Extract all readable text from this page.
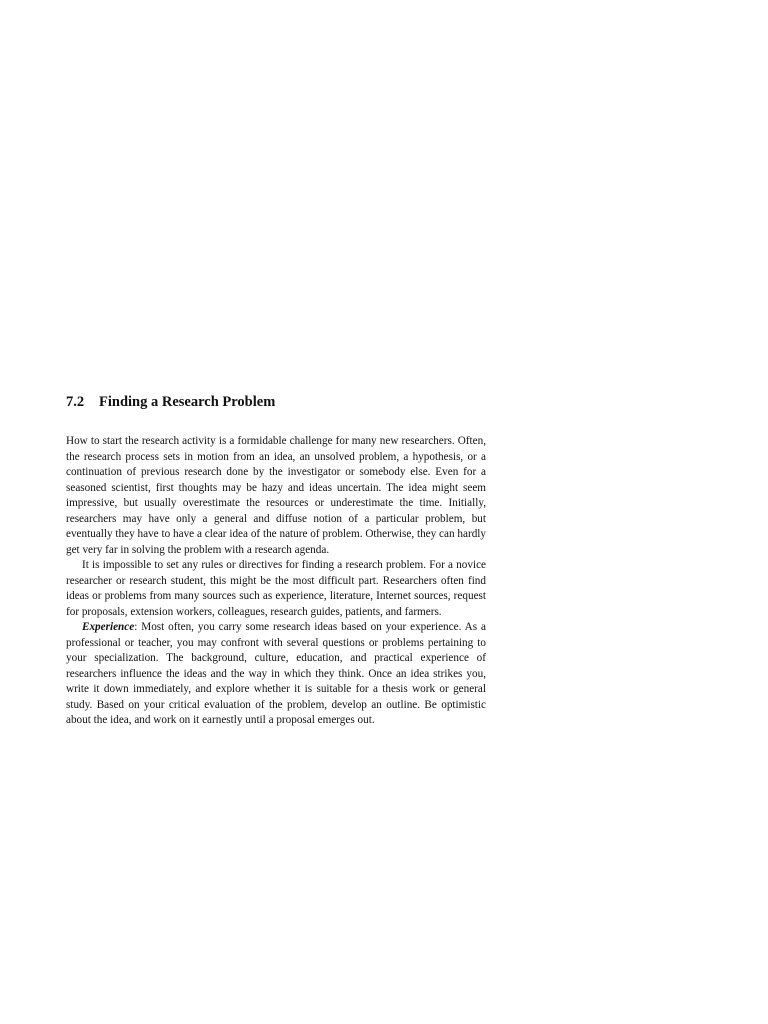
7.2 Finding a Research Problem

How to start the research activity is a formidable challenge for many new researchers. Often, the research process sets in motion from an idea, an unsolved problem, a hypothesis, or a continuation of previous research done by the investigator or somebody else. Even for a seasoned scientist, first thoughts may be hazy and ideas uncertain. The idea might seem impressive, but usually overestimate the resources or underestimate the time. Initially, researchers may have only a general and diffuse notion of a particular problem, but eventually they have to have a clear idea of the nature of problem. Otherwise, they can hardly get very far in solving the problem with a research agenda.

It is impossible to set any rules or directives for finding a research problem. For a novice researcher or research student, this might be the most difficult part. Researchers often find ideas or problems from many sources such as experience, literature, Internet sources, request for proposals, extension workers, colleagues, research guides, patients, and farmers.

Experience: Most often, you carry some research ideas based on your experience. As a professional or teacher, you may confront with several questions or problems pertaining to your specialization. The background, culture, education, and practical experience of researchers influence the ideas and the way in which they think. Once an idea strikes you, write it down immediately, and explore whether it is suitable for a thesis work or general study. Based on your critical evaluation of the problem, develop an outline. Be optimistic about the idea, and work on it earnestly until a proposal emerges out.
